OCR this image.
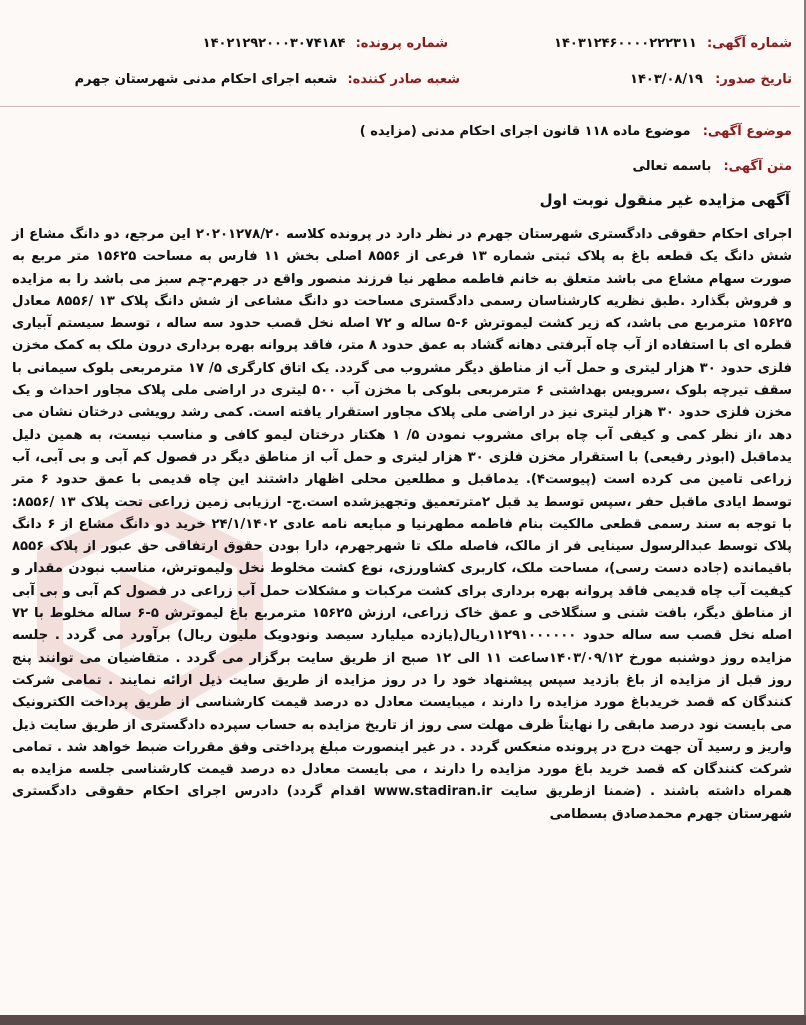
شماره آگهی: ۱۴۰۳۱۲۴۶۰۰۰۰۲۲۲۳۱۱
شماره پرونده: ۱۴۰۲۱۲۹۲۰۰۰۳۰۷۴۱۸۴
تاریخ صدور: ۱۴۰۳/۰۸/۱۹
شعبه صادر کننده: شعبه اجرای احکام مدنی شهرستان جهرم
موضوع آگهی: موضوع ماده ۱۱۸ قانون اجرای احکام مدنی (مزایده )
متن آگهی: باسمه تعالی
آگهی مزایده غیر منقول نوبت اول
اجرای احکام حقوقی دادگستری شهرستان جهرم در نظر دارد در پرونده کلاسه ۲۰۲۰۱۲۷۸/۲۰ این مرجع، دو دانگ مشاع از شش دانگ یک قطعه باغ به پلاک ثبتی شماره ۱۳ فرعی از ۸۵۵۶ اصلی بخش ۱۱ فارس به مساحت ۱۵۶۲۵ متر مربع به صورت سهام مشاع می باشد متعلق به خانم فاطمه مطهر نیا فرزند منصور واقع در جهرم-چم سبز می باشد را به مزایده و فروش بگذارد .طبق نظریه کارشناسان رسمی دادگستری مساحت دو دانگ مشاعی از شش دانگ پلاک ۱۳ /۸۵۵۶ معادل ۱۵۶۲۵ مترمربع می باشد، که زیر کشت لیموترش ۶-۵ ساله و ۷۲ اصله نخل قصب حدود سه ساله ، توسط سیستم آبیاری قطره ای با استفاده از آب چاه آبرفتی دهانه گشاد به عمق حدود ۸ متر، فاقد پروانه بهره برداری درون ملک به کمک مخزن فلزی حدود ۳۰ هزار لیتری و حمل آب از مناطق دیگر مشروب می گردد. یک اتاق کارگری ۵/ ۱۷ مترمربعی بلوک سیمانی با سقف تیرچه بلوک ،سرویس بهداشتی ۶ مترمربعی بلوکی با مخزن آب ۵۰۰ لیتری در اراضی ملی پلاک مجاور احداث و یک مخزن فلزی حدود ۳۰ هزار لیتری نیز در اراضی ملی پلاک مجاور استقرار یافته است. کمی رشد رویشی درختان نشان می دهد ،از نظر کمی و کیفی آب چاه برای مشروب نمودن ۵/ ۱ هکتار درختان لیمو کافی و مناسب نیست، به همین دلیل یدماقبل (ابوذر رفیعی) با استقرار مخزن فلزی ۳۰ هزار لیتری و حمل آب از مناطق دیگر در فصول کم آبی و بی آبی، آب زراعی تامین می کرده است (پیوست۴). یدماقبل و مطلعین محلی اظهار داشتند این چاه قدیمی با عمق حدود ۶ متر توسط ایادی ماقبل حفر ،سپس توسط ید قبل ۲مترتعمیق وتجهیزشده است.ج- ارزیابی زمین زراعی تحت پلاک ۱۳ /۸۵۵۶: با توجه به سند رسمی قطعی مالکیت بنام فاطمه مطهرنیا و مبایعه نامه عادی ۲۴/۱/۱۴۰۲ خرید دو دانگ مشاع از ۶ دانگ پلاک توسط عبدالرسول سینایی فر از مالک، فاصله ملک تا شهرجهرم، دارا بودن حقوق ارتفاقی حق عبور از پلاک ۸۵۵۶ باقیمانده (جاده دست رسی)، مساحت ملک، کاربری کشاورزی، نوع کشت مخلوط نخل ولیموترش، مناسب نبودن مقدار و کیفیت آب چاه قدیمی فاقد پروانه بهره برداری برای کشت مرکبات و مشکلات حمل آب زراعی در فصول کم آبی و بی آبی از مناطق دیگر، بافت شنی و سنگلاخی و عمق خاک زراعی، ارزش ۱۵۶۲۵ مترمربع باغ لیموترش ۵-۶ ساله مخلوط با ۷۲ اصله نخل قصب سه ساله حدود ۱۱۲۹۱۰۰۰۰۰۰ریال(یازده میلیارد سیصد ونودویک ملیون ریال) برآورد می گردد . جلسه مزایده روز دوشنبه مورخ ۱۴۰۳/۰۹/۱۲ساعت ۱۱ الی ۱۲ صبح از طریق سایت برگزار می گردد . متقاضیان می توانند پنج روز قبل از مزایده از باغ بازدید سپس پیشنهاد خود را در روز مزایده از طریق سایت ذیل ارائه نمایند . تمامی شرکت کنندگان که قصد خریدباغ مورد مزایده را دارند ، میبایست معادل ده درصد قیمت کارشناسی از طریق پرداخت الکترونیک می بایست نود درصد مابقی را نهایتاً ظرف مهلت سی روز از تاریخ مزایده به حساب سپرده دادگستری از طریق سایت ذیل واریز و رسید آن جهت درج در پرونده منعکس گردد . در غیر اینصورت مبلغ پرداختی وفق مقررات ضبط خواهد شد . تمامی شرکت کنندگان که قصد خرید باغ مورد مزایده را دارند ، می بایست معادل ده درصد قیمت کارشناسی جلسه مزایده به همراه داشته باشند . (ضمنا ازطریق سایت www.stadiran.ir اقدام گردد) دادرس اجرای احکام حقوقی دادگستری شهرستان جهرم محمدصادق بسطامی
